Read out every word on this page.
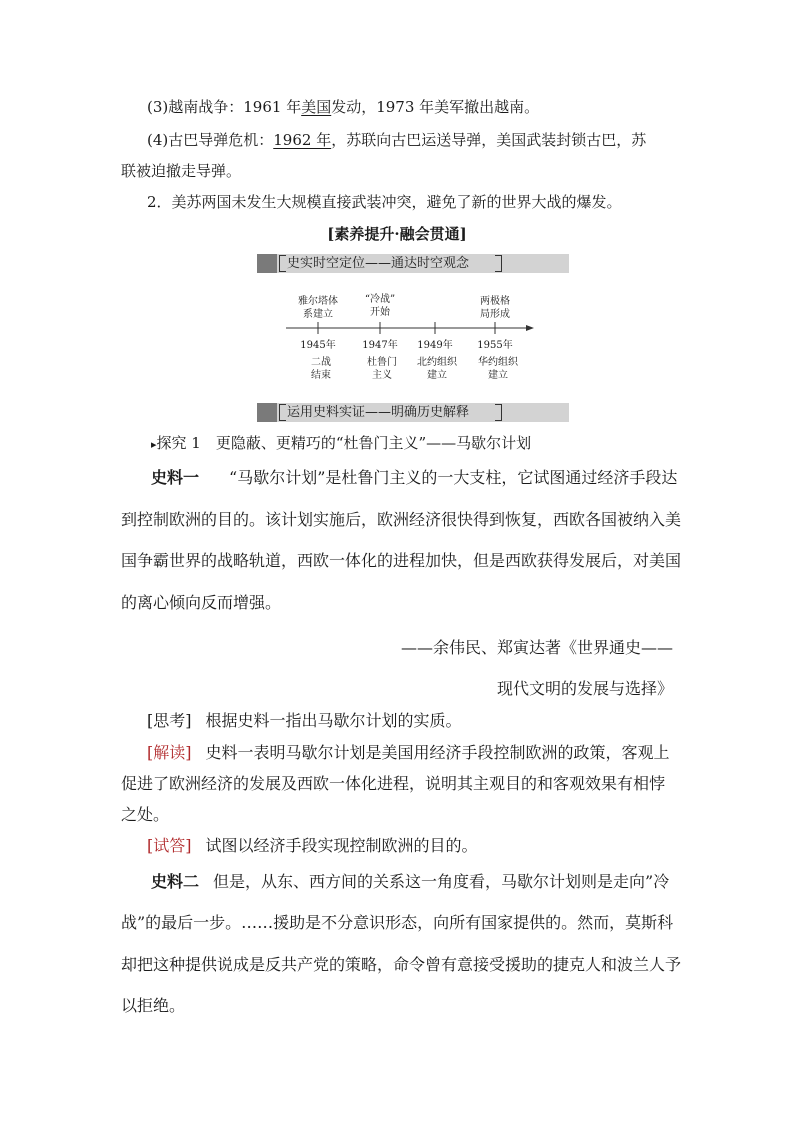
(3)越南战争：1961 年美国发动，1973 年美军撤出越南。
(4)古巴导弹危机：1962 年，苏联向古巴运送导弹，美国武装封锁古巴，苏
联被迫撤走导弹。
2．美苏两国未发生大规模直接武装冲突，避免了新的世界大战的爆发。
[素养提升·融会贯通]
史实时空定位——通达时空观念
雅尔塔体
系建立
“冷战”
开始
两极格
局形成
1945年	1947年	1949年	1955年
二战
结束
杜鲁门
主义
北约组织
建立
华约组织
建立
运用史料实证——明确历史解释
▸探究 1　更隐蔽、更精巧的“杜鲁门主义”——马歇尔计划
史料一 “马歇尔计划”是杜鲁门主义的一大支柱，它试图通过经济手段达
到控制欧洲的目的。该计划实施后，欧洲经济很快得到恢复，西欧各国被纳入美
国争霸世界的战略轨道，西欧一体化的进程加快，但是西欧获得发展后，对美国
的离心倾向反而增强。
——余伟民、郑寅达著《世界通史——
现代文明的发展与选择》
[思考] 根据史料一指出马歇尔计划的实质。
[解读] 史料一表明马歇尔计划是美国用经济手段控制欧洲的政策，客观上
促进了欧洲经济的发展及西欧一体化进程，说明其主观目的和客观效果有相悖
之处。
[试答] 试图以经济手段实现控制欧洲的目的。
史料二 但是，从东、西方间的关系这一角度看，马歇尔计划则是走向”冷
战”的最后一步。……援助是不分意识形态，向所有国家提供的。然而，莫斯科
却把这种提供说成是反共产党的策略，命令曾有意接受援助的捷克人和波兰人予
以拒绝。
